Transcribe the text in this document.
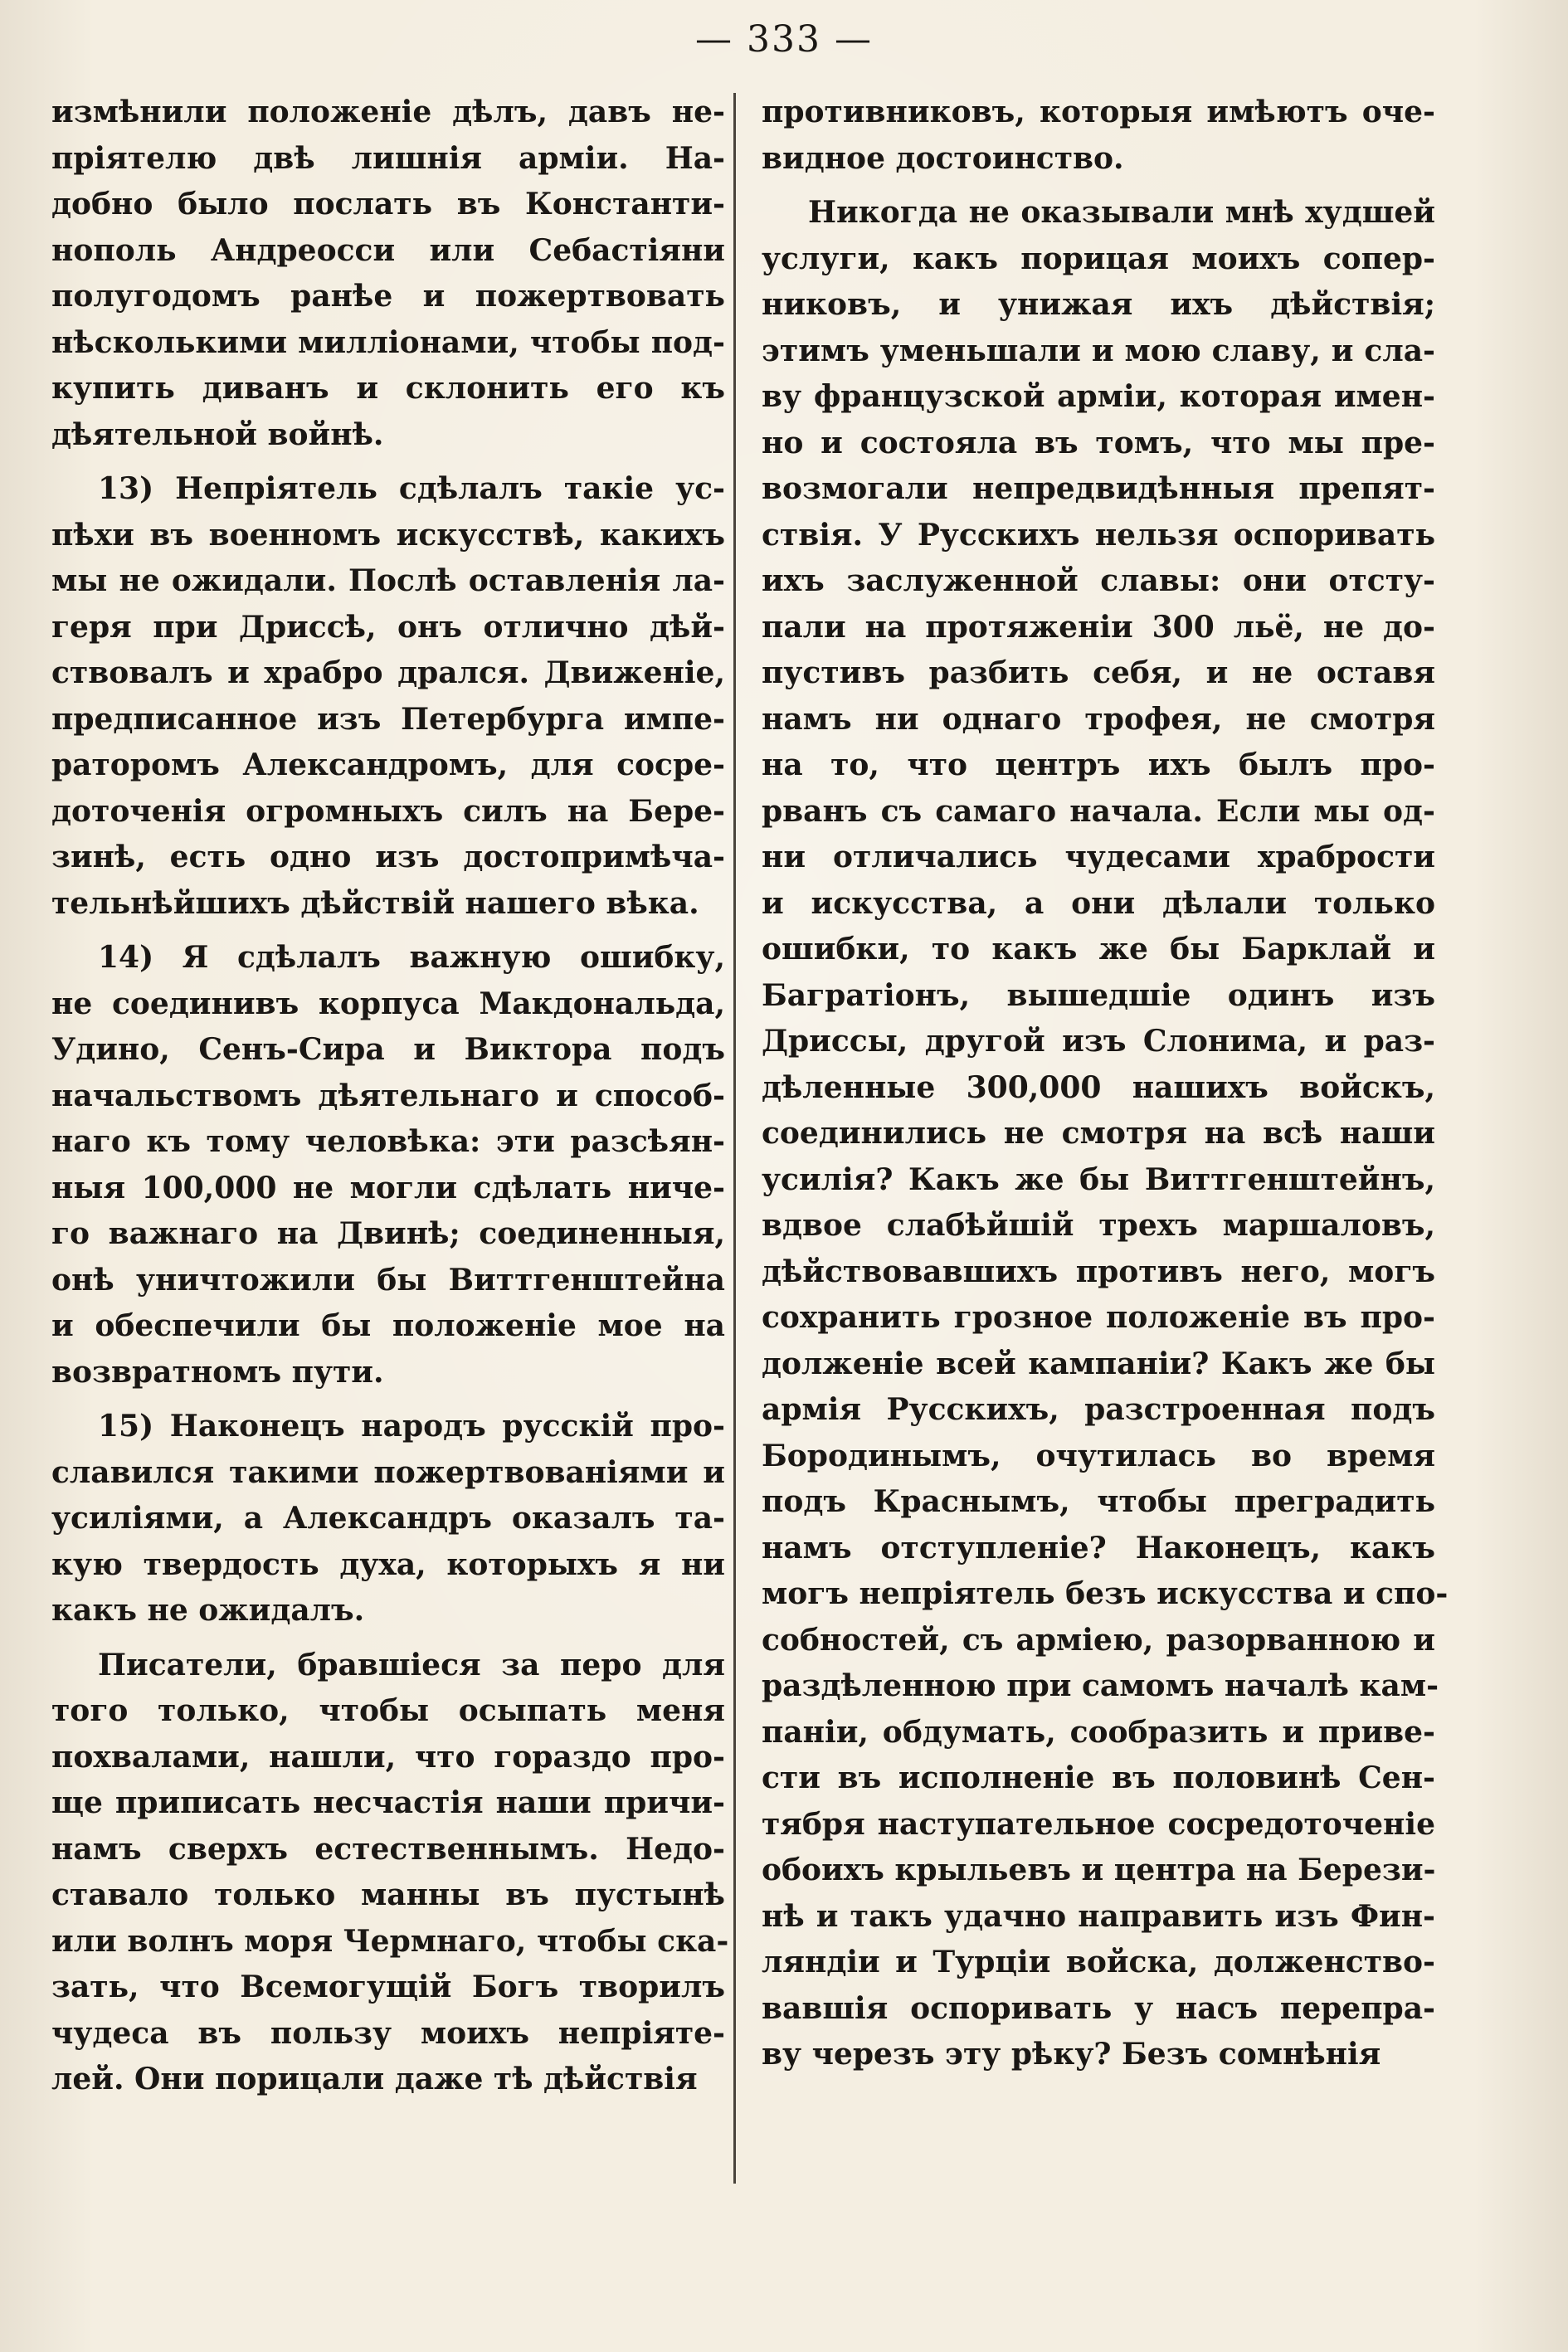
— 333 —
измѣнили положеніе дѣлъ, давъ не-
пріятелю двѣ лишнія арміи. На-
добно было послать въ Константи-
нополь Андреосси или Себастіяни
полугодомъ ранѣе и пожертвовать
нѣсколькими милліонами, чтобы под-
купить диванъ и склонить его къ
дѣятельной войнѣ.
13) Непріятель сдѣлалъ такіе ус-
пѣхи въ военномъ искусствѣ, какихъ
мы не ожидали. Послѣ оставленія ла-
геря при Дриссѣ, онъ отлично дѣй-
ствовалъ и храбро дрался. Движеніе,
предписанное изъ Петербурга импе-
раторомъ Александромъ, для сосре-
доточенія огромныхъ силъ на Бере-
зинѣ, есть одно изъ достопримѣча-
тельнѣйшихъ дѣйствій нашего вѣка.
14) Я сдѣлалъ важную ошибку,
не соединивъ корпуса Макдональда,
Удино, Сенъ-Сира и Виктора подъ
начальствомъ дѣятельнаго и способ-
наго къ тому человѣка: эти разсѣян-
ныя 100,000 не могли сдѣлать ниче-
го важнаго на Двинѣ; соединенныя,
онѣ уничтожили бы Виттгенштейна
и обеспечили бы положеніе мое на
возвратномъ пути.
15) Наконецъ народъ русскій про-
славился такими пожертвованіями и
усиліями, а Александръ оказалъ та-
кую твердость духа, которыхъ я ни
какъ не ожидалъ.
Писатели, бравшіеся за перо для
того только, чтобы осыпать меня
похвалами, нашли, что гораздо про-
ще приписать несчастія наши причи-
намъ сверхъ естественнымъ. Недо-
ставало только манны въ пустынѣ
или волнъ моря Чермнаго, чтобы ска-
зать, что Всемогущій Богъ творилъ
чудеса въ пользу моихъ непріяте-
лей. Они порицали даже тѣ дѣйствія
противниковъ, которыя имѣютъ оче-
видное достоинство.
Никогда не оказывали мнѣ худшей
услуги, какъ порицая моихъ сопер-
никовъ, и унижая ихъ дѣйствія;
этимъ уменьшали и мою славу, и сла-
ву французской арміи, которая имен-
но и состояла въ томъ, что мы пре-
возмогали непредвидѣнныя препят-
ствія. У Русскихъ нельзя оспоривать
ихъ заслуженной славы: они отсту-
пали на протяженіи 300 льё, не до-
пустивъ разбить себя, и не оставя
намъ ни однаго трофея, не смотря
на то, что центръ ихъ былъ про-
рванъ съ самаго начала. Если мы од-
ни отличались чудесами храбрости
и искусства, а они дѣлали только
ошибки, то какъ же бы Барклай и
Багратіонъ, вышедшіе одинъ изъ
Дриссы, другой изъ Слонима, и раз-
дѣленные 300,000 нашихъ войскъ,
соединились не смотря на всѣ наши
усилія? Какъ же бы Виттгенштейнъ,
вдвое слабѣйшій трехъ маршаловъ,
дѣйствовавшихъ противъ него, могъ
сохранить грозное положеніе въ про-
долженіе всей кампаніи? Какъ же бы
армія Русскихъ, разстроенная подъ
Бородинымъ, очутилась во время
подъ Краснымъ, чтобы преградить
намъ отступленіе? Наконецъ, какъ
могъ непріятель безъ искусства и спо-
собностей, съ арміею, разорванною и
раздѣленною при самомъ началѣ кам-
паніи, обдумать, сообразить и приве-
сти въ исполненіе въ половинѣ Сен-
тября наступательное сосредоточеніе
обоихъ крыльевъ и центра на Берези-
нѣ и такъ удачно направить изъ Фин-
ляндіи и Турціи войска, долженство-
вавшія оспоривать у насъ перепра-
ву черезъ эту рѣку? Безъ сомнѣнія
